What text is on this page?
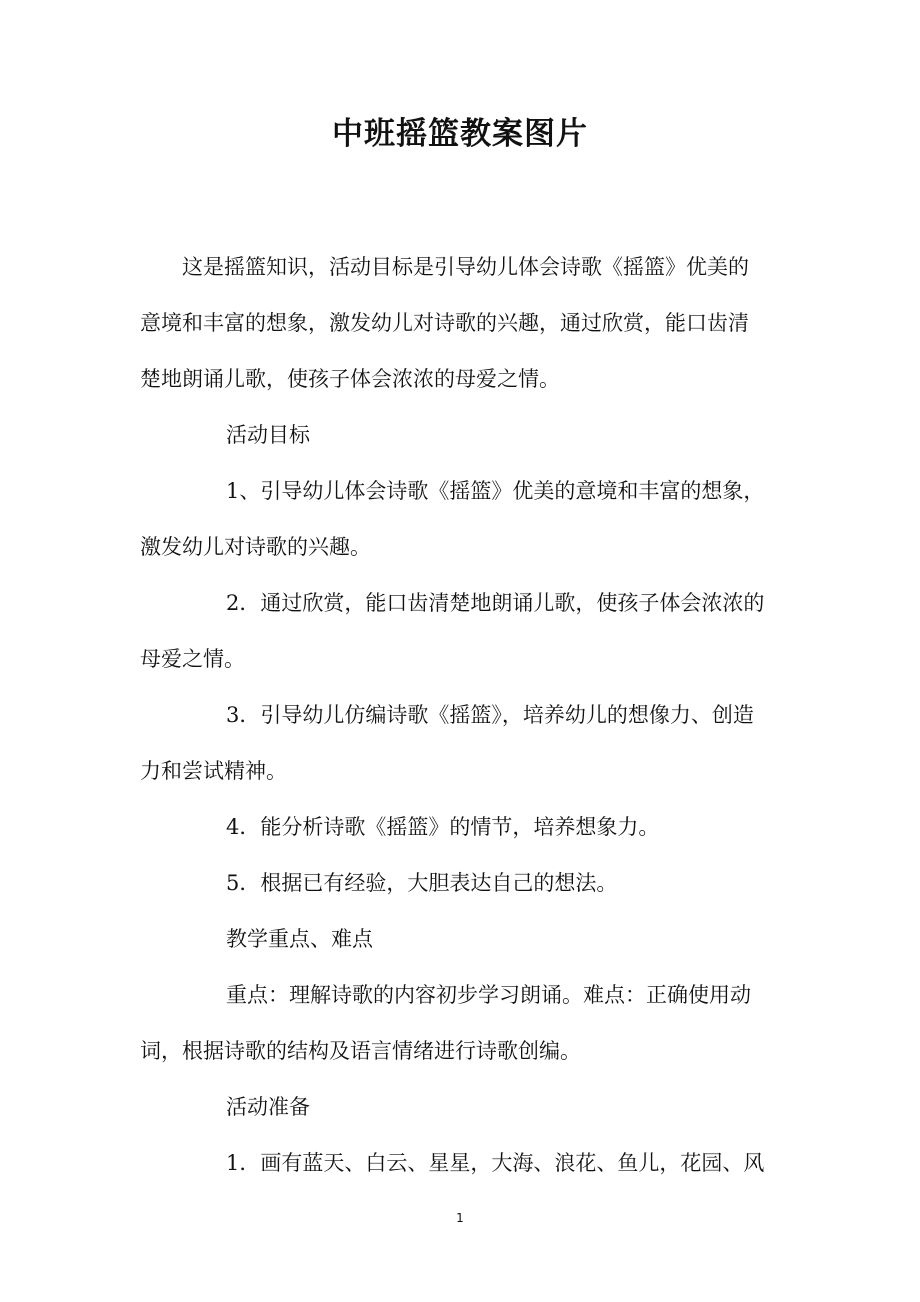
中班摇篮教案图片

这是摇篮知识，活动目标是引导幼儿体会诗歌《摇篮》优美的

意境和丰富的想象，激发幼儿对诗歌的兴趣，通过欣赏，能口齿清

楚地朗诵儿歌，使孩子体会浓浓的母爱之情。

活动目标

1、引导幼儿体会诗歌《摇篮》优美的意境和丰富的想象，

激发幼儿对诗歌的兴趣。

2．通过欣赏，能口齿清楚地朗诵儿歌，使孩子体会浓浓的

母爱之情。

3．引导幼儿仿编诗歌《摇篮》，培养幼儿的想像力、创造

力和尝试精神。

4．能分析诗歌《摇篮》的情节，培养想象力。

5．根据已有经验，大胆表达自己的想法。

教学重点、难点

重点：理解诗歌的内容初步学习朗诵。难点：正确使用动

词，根据诗歌的结构及语言情绪进行诗歌创编。

活动准备

1．画有蓝天、白云、星星，大海、浪花、鱼儿，花园、风

1
